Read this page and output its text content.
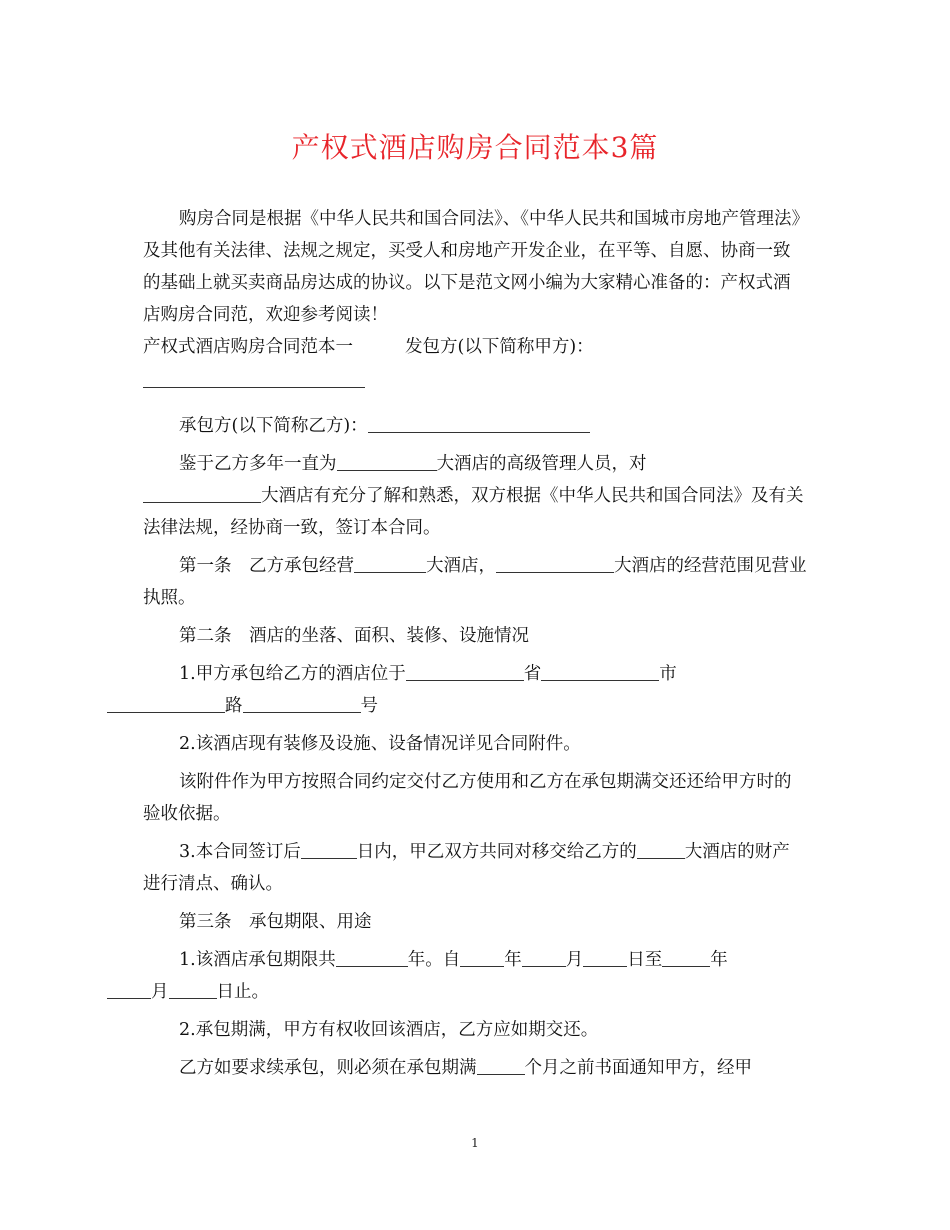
产权式酒店购房合同范本3篇

购房合同是根据《中华人民共和国合同法》、《中华人民共和国城市房地产管理法》及其他有关法律、法规之规定，买受人和房地产开发企业，在平等、自愿、协商一致的基础上就买卖商品房达成的协议。以下是范文网小编为大家精心准备的：产权式酒店购房合同范，欢迎参考阅读！

产权式酒店购房合同范本一	发包方(以下简称甲方)：

承包方(以下简称乙方)：

鉴于乙方多年一直为	大酒店的高级管理人员，对
大酒店有充分了解和熟悉，双方根据《中华人民共和国合同法》及有关法律法规，经协商一致，签订本合同。

第一条　乙方承包经营	大酒店，	大酒店的经营范围见营业执照。

第二条　酒店的坐落、面积、装修、设施情况

1.甲方承包给乙方的酒店位于	省	市
路	号

2.该酒店现有装修及设施、设备情况详见合同附件。

该附件作为甲方按照合同约定交付乙方使用和乙方在承包期满交还还给甲方时的验收依据。

3.本合同签订后	日内，甲乙双方共同对移交给乙方的	大酒店的财产进行清点、确认。

第三条　承包期限、用途

1.该酒店承包期限共	年。自	年	月	日至	年
月	日止。

2.承包期满，甲方有权收回该酒店，乙方应如期交还。

乙方如要求续承包，则必须在承包期满	个月之前书面通知甲方，经甲

1
